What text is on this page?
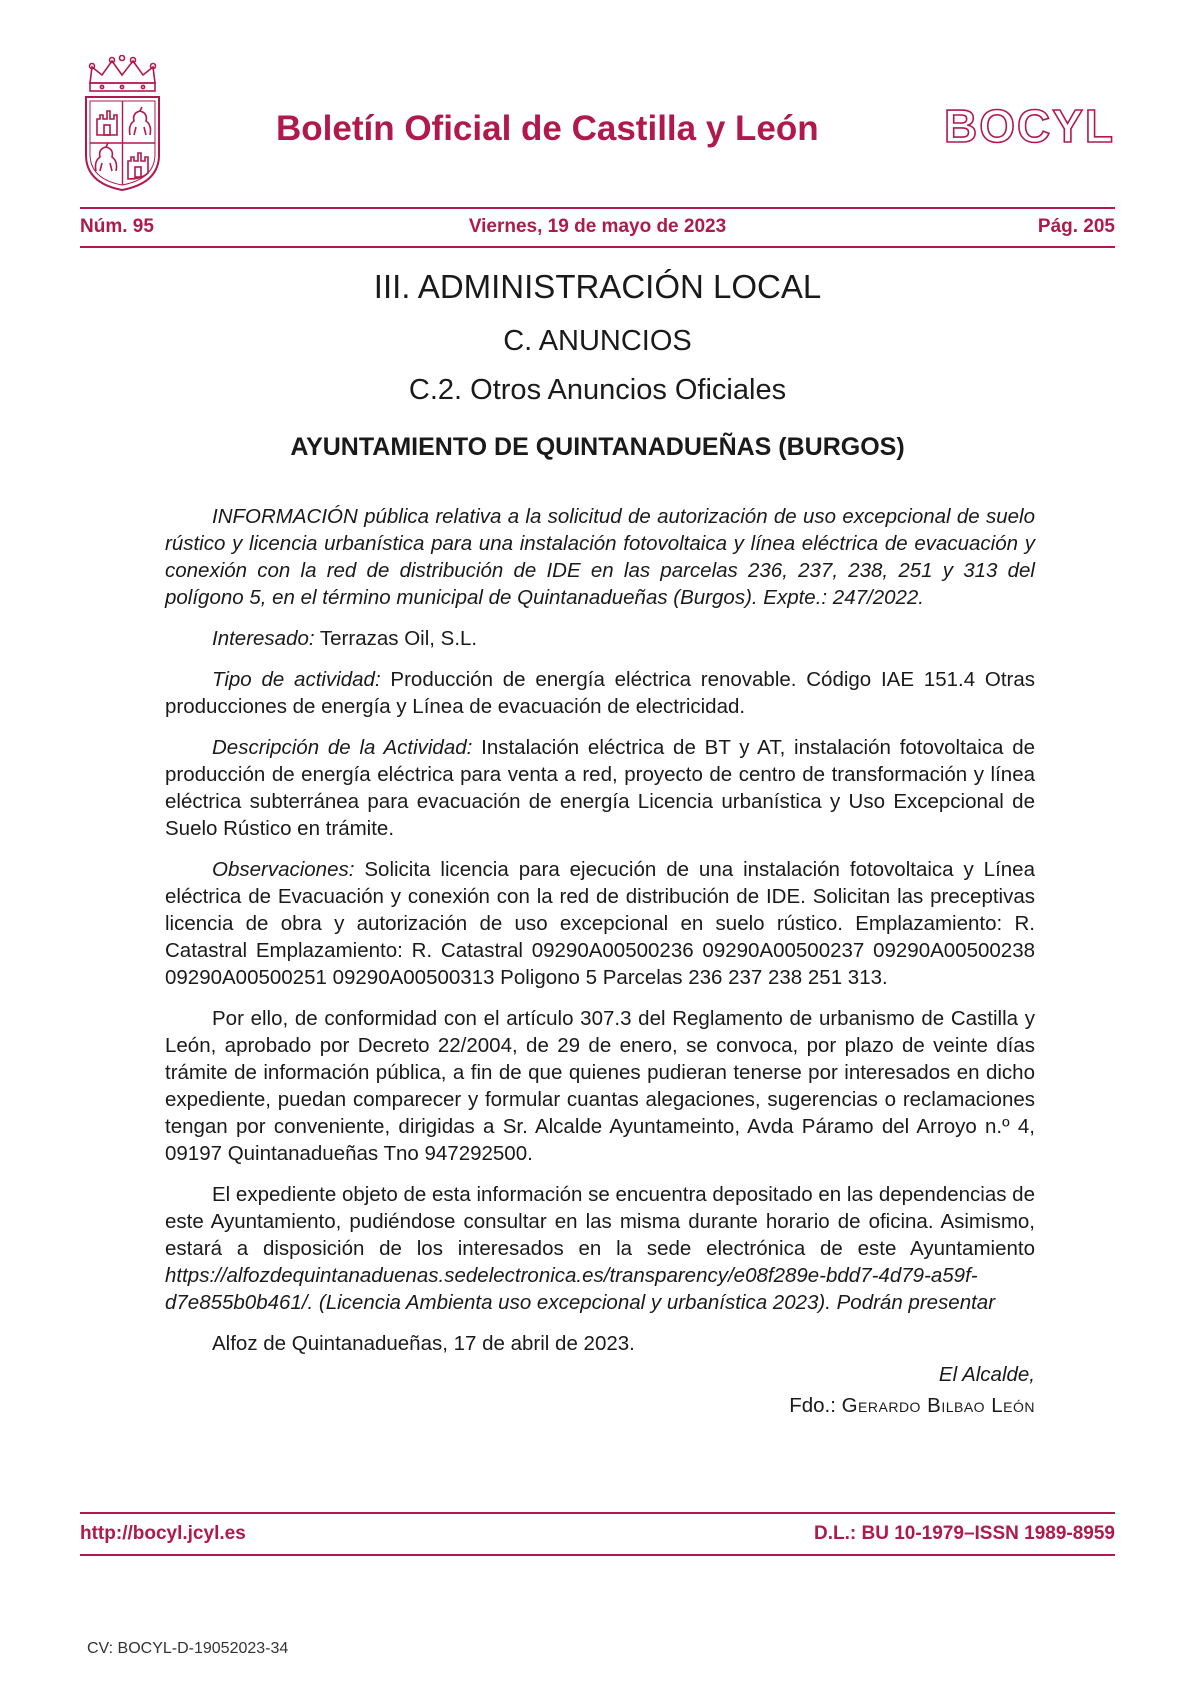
Boletín Oficial de Castilla y León	BOCYL
Núm. 95	Viernes, 19 de mayo de 2023	Pág. 205
III. ADMINISTRACIÓN LOCAL
C. ANUNCIOS
C.2. Otros Anuncios Oficiales
AYUNTAMIENTO DE QUINTANADUEÑAS (BURGOS)

INFORMACIÓN pública relativa a la solicitud de autorización de uso excepcional de suelo rústico y licencia urbanística para una instalación fotovoltaica y línea eléctrica de evacuación y conexión con la red de distribución de IDE en las parcelas 236, 237, 238, 251 y 313 del polígono 5, en el término municipal de Quintanadueñas (Burgos). Expte.: 247/2022.

Interesado: Terrazas Oil, S.L.

Tipo de actividad: Producción de energía eléctrica renovable. Código IAE 151.4 Otras producciones de energía y Línea de evacuación de electricidad.

Descripción de la Actividad: Instalación eléctrica de BT y AT, instalación fotovoltaica de producción de energía eléctrica para venta a red, proyecto de centro de transformación y línea eléctrica subterránea para evacuación de energía Licencia urbanística y Uso Excepcional de Suelo Rústico en trámite.

Observaciones: Solicita licencia para ejecución de una instalación fotovoltaica y Línea eléctrica de Evacuación y conexión con la red de distribución de IDE. Solicitan las preceptivas licencia de obra y autorización de uso excepcional en suelo rústico. Emplazamiento: R. Catastral Emplazamiento: R. Catastral 09290A00500236 09290A00500237 09290A00500238 09290A00500251 09290A00500313 Poligono 5 Parcelas 236 237 238 251 313.

Por ello, de conformidad con el artículo 307.3 del Reglamento de urbanismo de Castilla y León, aprobado por Decreto 22/2004, de 29 de enero, se convoca, por plazo de veinte días trámite de información pública, a fin de que quienes pudieran tenerse por interesados en dicho expediente, puedan comparecer y formular cuantas alegaciones, sugerencias o reclamaciones tengan por conveniente, dirigidas a Sr. Alcalde Ayuntameinto, Avda Páramo del Arroyo n.º 4, 09197 Quintanadueñas Tno 947292500.

El expediente objeto de esta información se encuentra depositado en las dependencias de este Ayuntamiento, pudiéndose consultar en las misma durante horario de oficina. Asimismo, estará a disposición de los interesados en la sede electrónica de este Ayuntamiento https://alfozdequintanaduenas.sedelectronica.es/transparency/e08f289e-bdd7-4d79-a59f-d7e855b0b461/. (Licencia Ambienta uso excepcional y urbanística 2023). Podrán presentar

Alfoz de Quintanadueñas, 17 de abril de 2023.

El Alcalde,

Fdo.: Gerardo Bilbao León

http://bocyl.jcyl.es	D.L.: BU 10-1979–ISSN 1989-8959
CV: BOCYL-D-19052023-34
